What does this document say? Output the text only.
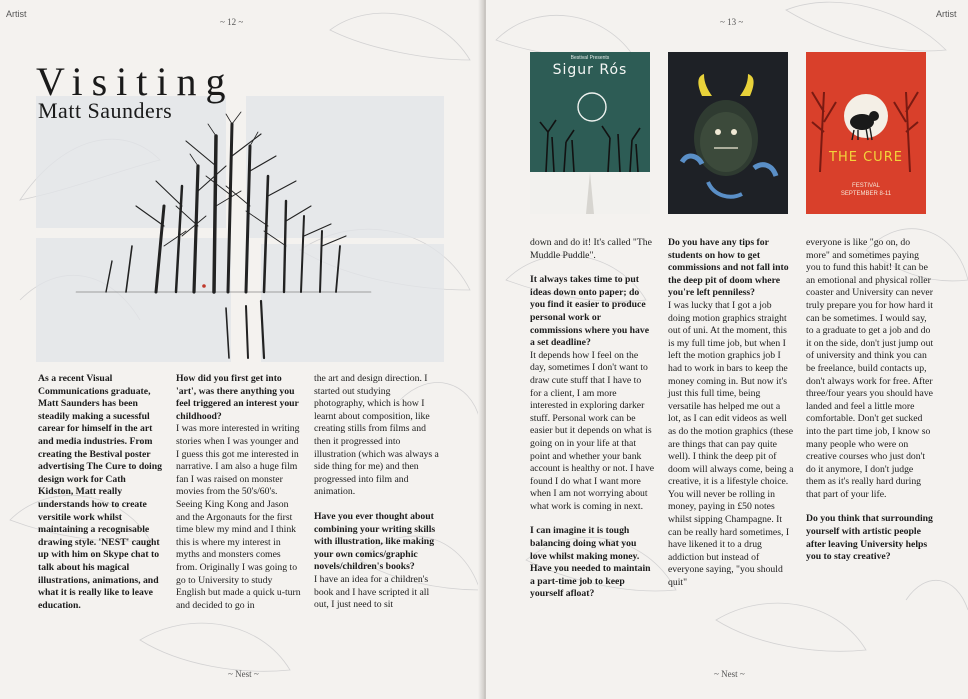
Artist
~ 12 ~
Visiting
Matt Saunders

As a recent Visual Communications graduate, Matt Saunders has been steadily making a sucessful carear for himself in the art and media industries. From creating the Bestival poster advertising The Cure to doing design work for Cath Kidston, Matt really understands how to create versitile work whilst maintaining a recognisable drawing style. 'NEST' caught up with him on Skype chat to talk about his magical illustrations, animations, and what it is really like to leave education.

How did you first get into 'art', was there anything you feel triggered an interest your childhood?

I was more interested in writing stories when I was younger and I guess this got me interested in narrative. I am also a huge film fan I was raised on monster movies from the 50's/60's. Seeing King Kong and Jason and the Argonauts for the first time blew my mind and I think this is where my interest in myths and monsters comes from. Originally I was going to go to University to study English but made a quick u-turn and decided to go in

the art and design direction. I started out studying photography, which is how I learnt about composition, like creating stills from films and then it progressed into illustration (which was always a side thing for me) and then progressed into film and animation.

Have you ever thought about combining your writing skills with illustration, like making your own comics/graphic novels/children's books?

I have an idea for a children's book and I have scripted it all out, I just need to sit

~ Nest ~
~ 13 ~
Artist
Bestival Presents
Sigur Rós
THE CURE
FESTIVAL SEPTEMBER 8-11

down and do it! It's called "The Muddle Puddle".

It always takes time to put ideas down onto paper; do you find it easier to produce personal work or commissions where you have a set deadline?

It depends how I feel on the day, sometimes I don't want to draw cute stuff that I have to for a client, I am more interested in exploring darker stuff. Personal work can be easier but it depends on what is going on in your life at that point and whether your bank account is healthy or not. I have found I do what I want more when I am not worrying about what work is coming in next.

I can imagine it is tough balancing doing what you love whilst making money. Have you needed to maintain a part-time job to keep yourself afloat?

Do you have any tips for students on how to get commissions and not fall into the deep pit of doom where you're left penniless?

I was lucky that I got a job doing motion graphics straight out of uni. At the moment, this is my full time job, but when I left the motion graphics job I had to work in bars to keep the money coming in. But now it's just this full time, being versatile has helped me out a lot, as I can edit videos as well as do the motion graphics (these are things that can pay quite well). I think the deep pit of doom will always come, being a creative, it is a lifestyle choice. You will never be rolling in money, paying in £50 notes whilst sipping Champagne. It can be really hard sometimes, I have likened it to a drug addiction but instead of everyone saying, "you should quit"

everyone is like "go on, do more" and sometimes paying you to fund this habit! It can be an emotional and physical roller coaster and University can never truly prepare you for how hard it can be sometimes. I would say, to a graduate to get a job and do it on the side, don't just jump out of university and think you can be freelance, build contacts up, don't always work for free. After three/four years you should have landed and feel a little more comfortable. Don't get sucked into the part time job, I know so many people who were on creative courses who just don't do it anymore, I don't judge them as it's really hard during that part of your life.

Do you think that surrounding yourself with artistic people after leaving University helps you to stay creative?

~ Nest ~
